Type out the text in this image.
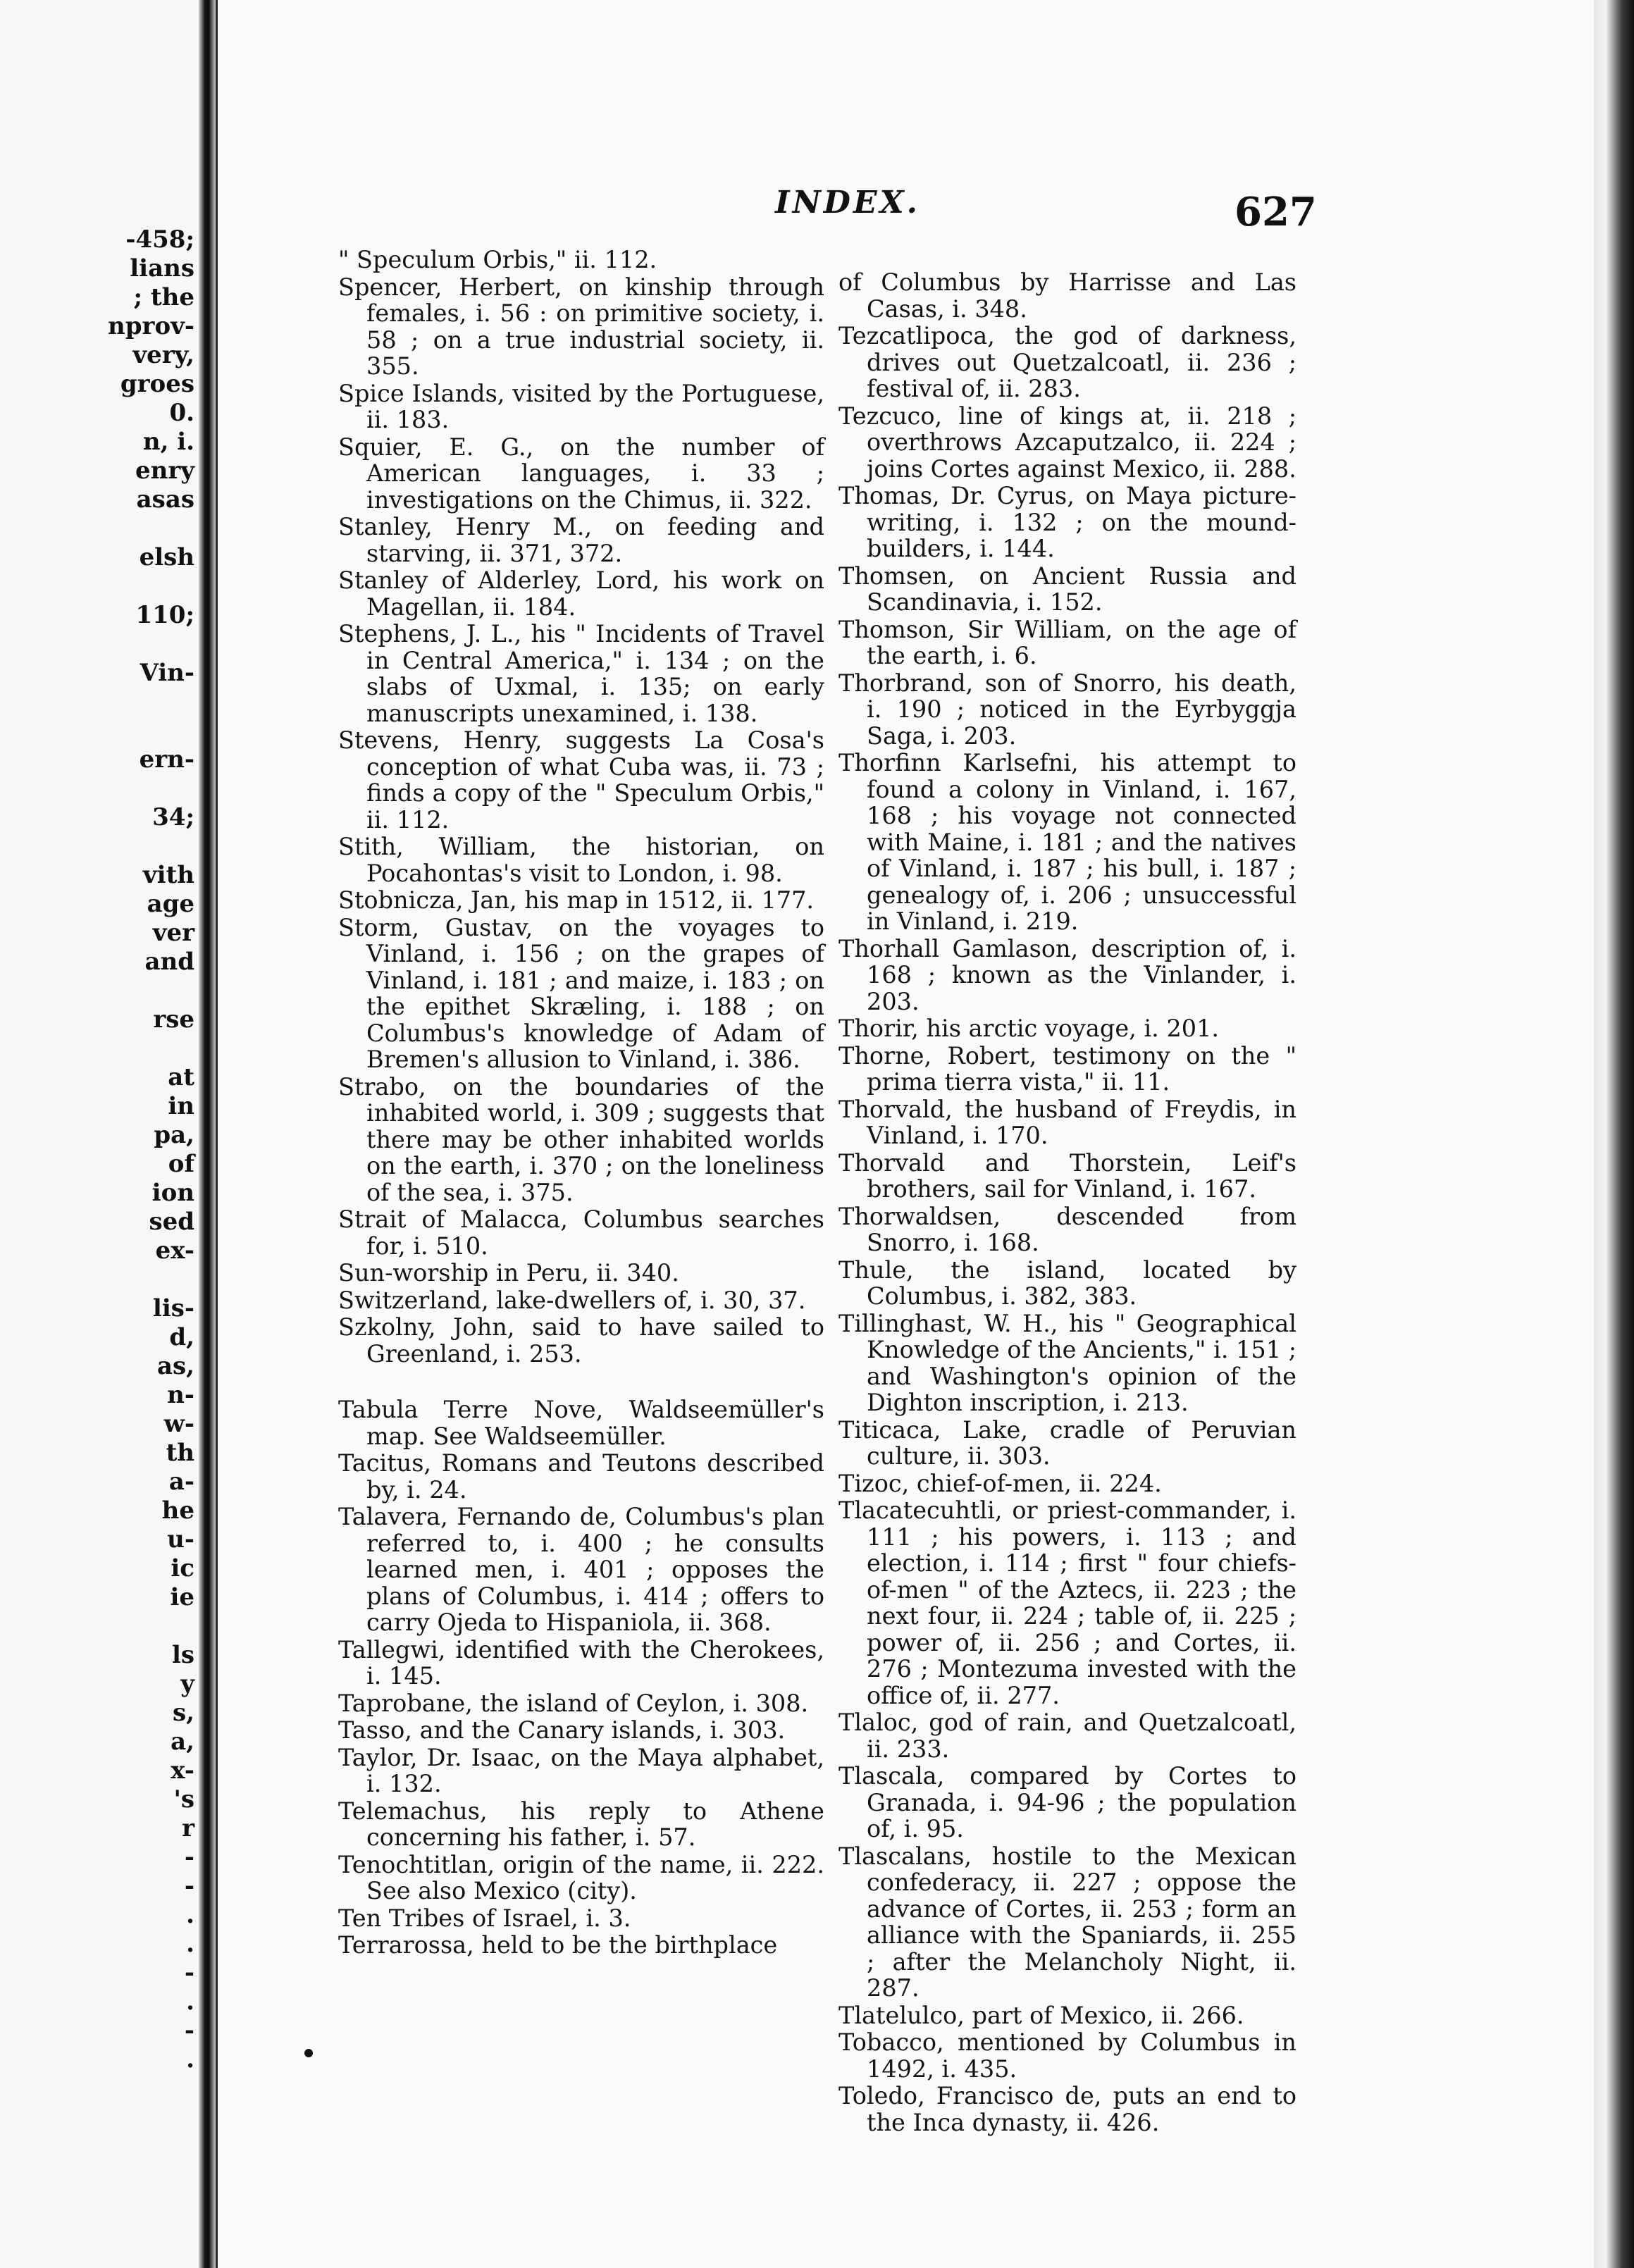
-458;
lians
; the
nprov-
very,
groes
0.
n, i.
enry
asas
elsh
110;
Vin-
ern-
34;
vith
age
ver
and
rse
at
in
pa,
of
ion
sed
ex-
lis-
d,
as,
n-
w-
th
a-
he
u-
ic
ie
ls
y
s,
a,
x-
's
r
-
-
.
.
-
.
-
.
INDEX.	627
" Speculum Orbis," ii. 112.
Spencer, Herbert, on kinship through females, i. 56 : on primitive society, i. 58 ; on a true industrial society, ii. 355.
Spice Islands, visited by the Portuguese, ii. 183.
Squier, E. G., on the number of American languages, i. 33 ; investigations on the Chimus, ii. 322.
Stanley, Henry M., on feeding and starving, ii. 371, 372.
Stanley of Alderley, Lord, his work on Magellan, ii. 184.
Stephens, J. L., his " Incidents of Travel in Central America," i. 134 ; on the slabs of Uxmal, i. 135; on early manuscripts unexamined, i. 138.
Stevens, Henry, suggests La Cosa's conception of what Cuba was, ii. 73 ; finds a copy of the " Speculum Orbis," ii. 112.
Stith, William, the historian, on Pocahontas's visit to London, i. 98.
Stobnicza, Jan, his map in 1512, ii. 177.
Storm, Gustav, on the voyages to Vinland, i. 156 ; on the grapes of Vinland, i. 181 ; and maize, i. 183 ; on the epithet Skræling, i. 188 ; on Columbus's knowledge of Adam of Bremen's allusion to Vinland, i. 386.
Strabo, on the boundaries of the inhabited world, i. 309 ; suggests that there may be other inhabited worlds on the earth, i. 370 ; on the loneliness of the sea, i. 375.
Strait of Malacca, Columbus searches for, i. 510.
Sun-worship in Peru, ii. 340.
Switzerland, lake-dwellers of, i. 30, 37.
Szkolny, John, said to have sailed to Greenland, i. 253.
Tabula Terre Nove, Waldseemüller's map. See Waldseemüller.
Tacitus, Romans and Teutons described by, i. 24.
Talavera, Fernando de, Columbus's plan referred to, i. 400 ; he consults learned men, i. 401 ; opposes the plans of Columbus, i. 414 ; offers to carry Ojeda to Hispaniola, ii. 368.
Tallegwi, identified with the Cherokees, i. 145.
Taprobane, the island of Ceylon, i. 308.
Tasso, and the Canary islands, i. 303.
Taylor, Dr. Isaac, on the Maya alphabet, i. 132.
Telemachus, his reply to Athene concerning his father, i. 57.
Tenochtitlan, origin of the name, ii. 222. See also Mexico (city).
Ten Tribes of Israel, i. 3.
Terrarossa, held to be the birthplace
of Columbus by Harrisse and Las Casas, i. 348.
Tezcatlipoca, the god of darkness, drives out Quetzalcoatl, ii. 236 ; festival of, ii. 283.
Tezcuco, line of kings at, ii. 218 ; overthrows Azcaputzalco, ii. 224 ; joins Cortes against Mexico, ii. 288.
Thomas, Dr. Cyrus, on Maya picture-writing, i. 132 ; on the mound-builders, i. 144.
Thomsen, on Ancient Russia and Scandinavia, i. 152.
Thomson, Sir William, on the age of the earth, i. 6.
Thorbrand, son of Snorro, his death, i. 190 ; noticed in the Eyrbyggja Saga, i. 203.
Thorfinn Karlsefni, his attempt to found a colony in Vinland, i. 167, 168 ; his voyage not connected with Maine, i. 181 ; and the natives of Vinland, i. 187 ; his bull, i. 187 ; genealogy of, i. 206 ; unsuccessful in Vinland, i. 219.
Thorhall Gamlason, description of, i. 168 ; known as the Vinlander, i. 203.
Thorir, his arctic voyage, i. 201.
Thorne, Robert, testimony on the " prima tierra vista," ii. 11.
Thorvald, the husband of Freydis, in Vinland, i. 170.
Thorvald and Thorstein, Leif's brothers, sail for Vinland, i. 167.
Thorwaldsen, descended from Snorro, i. 168.
Thule, the island, located by Columbus, i. 382, 383.
Tillinghast, W. H., his " Geographical Knowledge of the Ancients," i. 151 ; and Washington's opinion of the Dighton inscription, i. 213.
Titicaca, Lake, cradle of Peruvian culture, ii. 303.
Tizoc, chief-of-men, ii. 224.
Tlacatecuhtli, or priest-commander, i. 111 ; his powers, i. 113 ; and election, i. 114 ; first " four chiefs-of-men " of the Aztecs, ii. 223 ; the next four, ii. 224 ; table of, ii. 225 ; power of, ii. 256 ; and Cortes, ii. 276 ; Montezuma invested with the office of, ii. 277.
Tlaloc, god of rain, and Quetzalcoatl, ii. 233.
Tlascala, compared by Cortes to Granada, i. 94-96 ; the population of, i. 95.
Tlascalans, hostile to the Mexican confederacy, ii. 227 ; oppose the advance of Cortes, ii. 253 ; form an alliance with the Spaniards, ii. 255 ; after the Melancholy Night, ii. 287.
Tlatelulco, part of Mexico, ii. 266.
Tobacco, mentioned by Columbus in 1492, i. 435.
Toledo, Francisco de, puts an end to the Inca dynasty, ii. 426.
